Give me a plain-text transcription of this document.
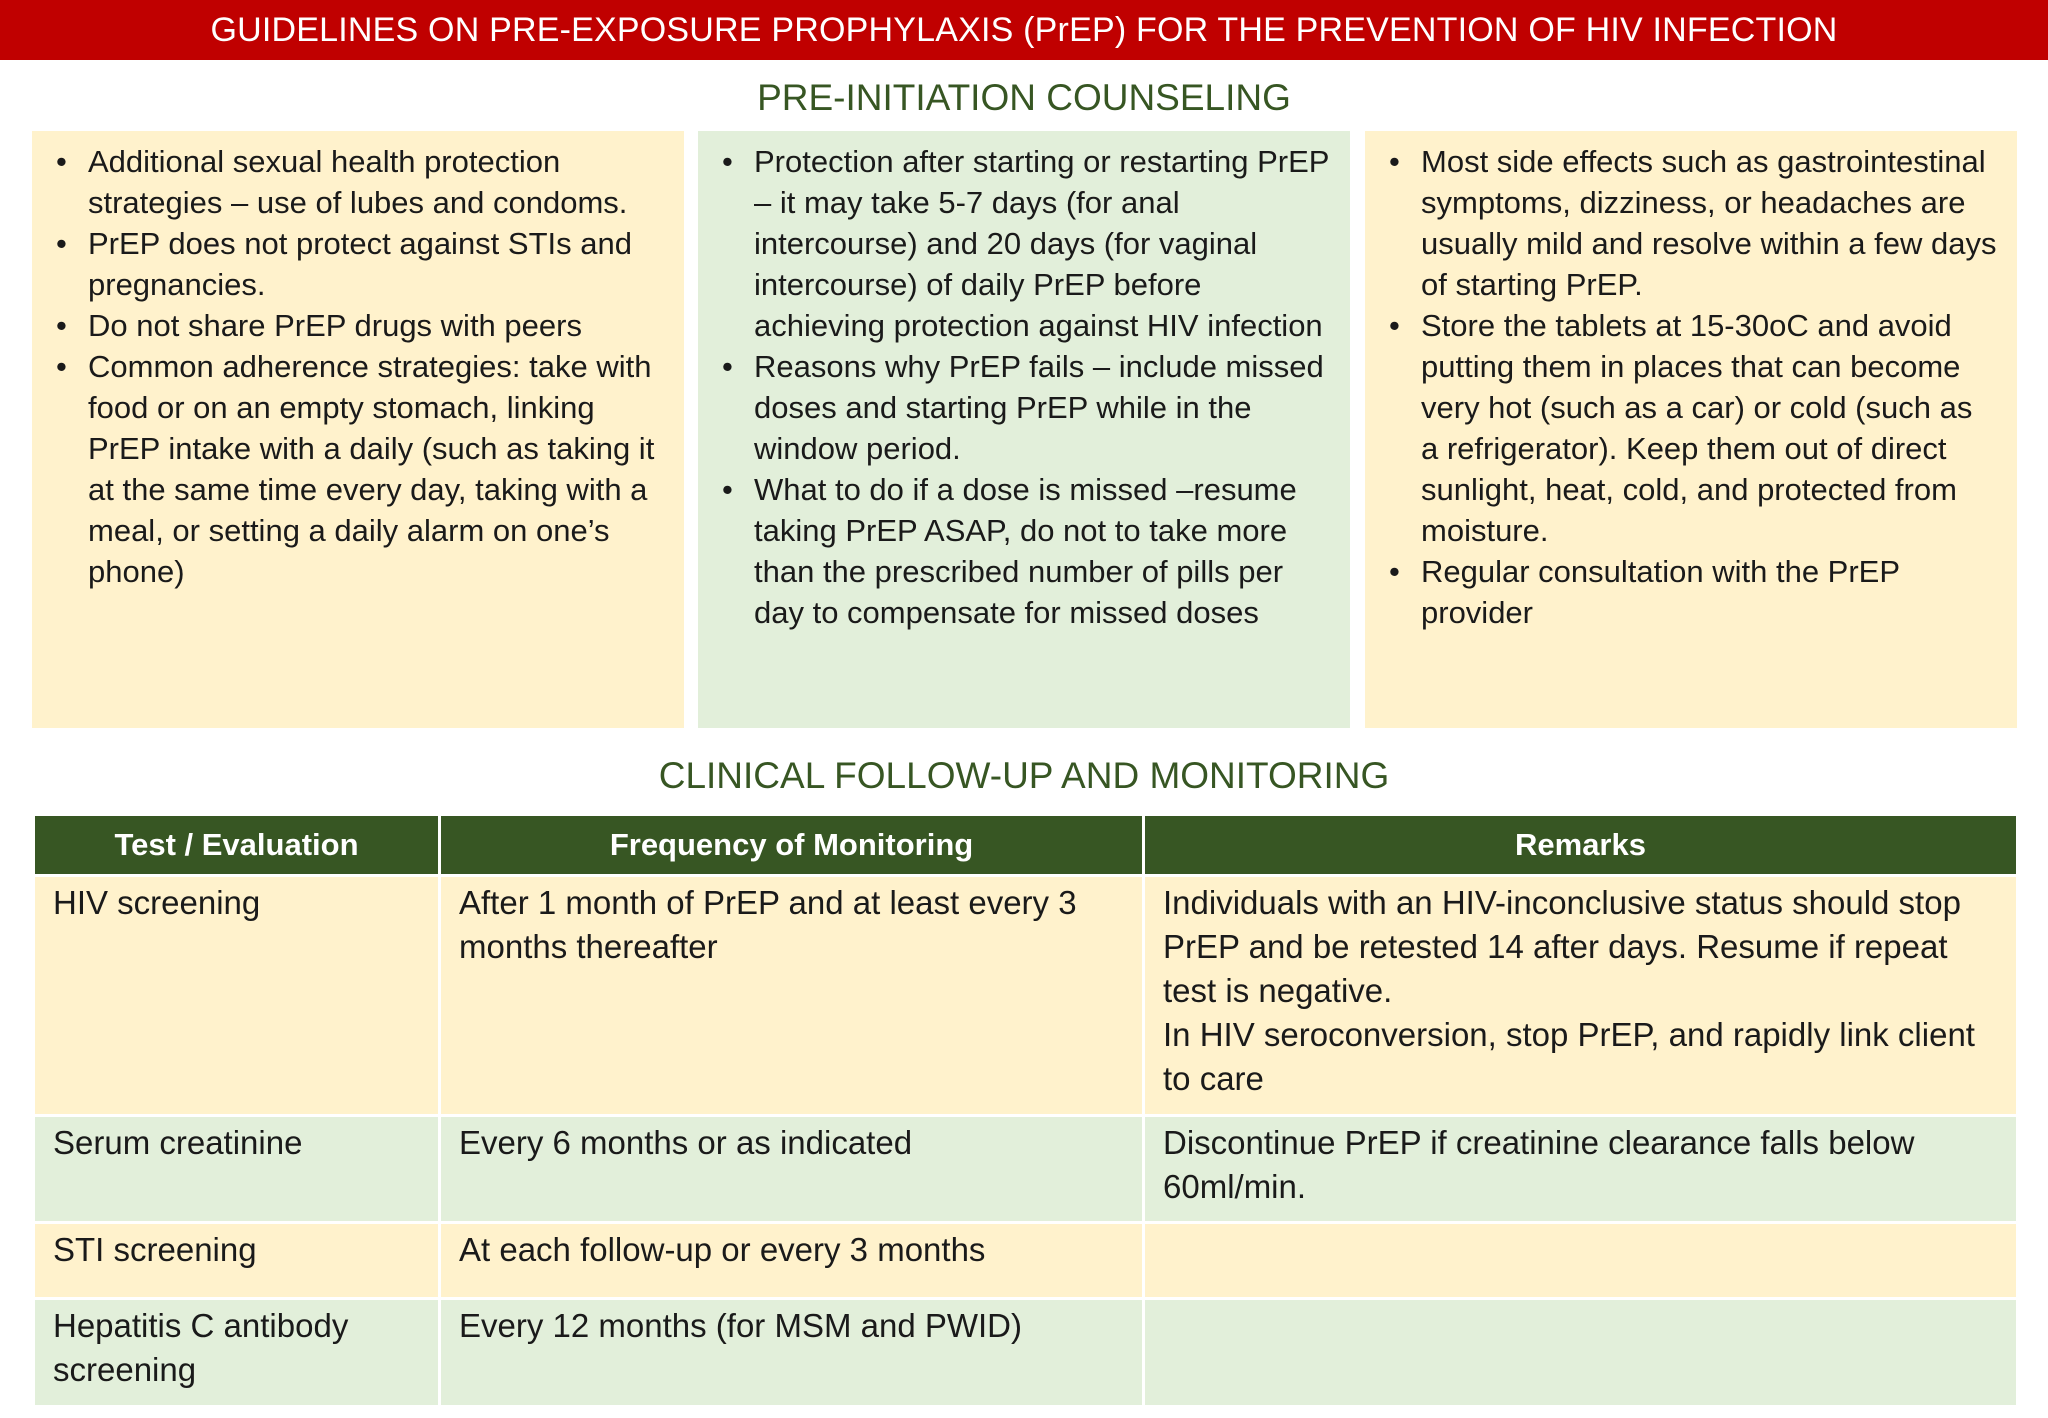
GUIDELINES ON PRE-EXPOSURE PROPHYLAXIS (PrEP) FOR THE PREVENTION OF HIV INFECTION
PRE-INITIATION COUNSELING
• Additional sexual health protection strategies – use of lubes and condoms.
• PrEP does not protect against STIs and pregnancies.
• Do not share PrEP drugs with peers
• Common adherence strategies: take with food or on an empty stomach, linking PrEP intake with a daily (such as taking it at the same time every day, taking with a meal, or setting a daily alarm on one’s phone)
• Protection after starting or restarting PrEP – it may take 5-7 days (for anal intercourse) and 20 days (for vaginal intercourse) of daily PrEP before achieving protection against HIV infection
• Reasons why PrEP fails – include missed doses and starting PrEP while in the window period.
• What to do if a dose is missed –resume taking PrEP ASAP, do not to take more than the prescribed number of pills per day to compensate for missed doses
• Most side effects such as gastrointestinal symptoms, dizziness, or headaches are usually mild and resolve within a few days of starting PrEP.
• Store the tablets at 15-30oC and avoid putting them in places that can become very hot (such as a car) or cold (such as a refrigerator). Keep them out of direct sunlight, heat, cold, and protected from moisture.
• Regular consultation with the PrEP provider
CLINICAL FOLLOW-UP AND MONITORING
Test / Evaluation	Frequency of Monitoring	Remarks
HIV screening	After 1 month of PrEP and at least every 3 months thereafter	Individuals with an HIV-inconclusive status should stop PrEP and be retested 14 after days. Resume if repeat test is negative.
In HIV seroconversion, stop PrEP, and rapidly link client to care

Serum creatinine	Every 6 months or as indicated	Discontinue PrEP if creatinine clearance falls below 60ml/min.

STI screening	At each follow-up or every 3 months	

Hepatitis C antibody screening	Every 12 months (for MSM and PWID)	
